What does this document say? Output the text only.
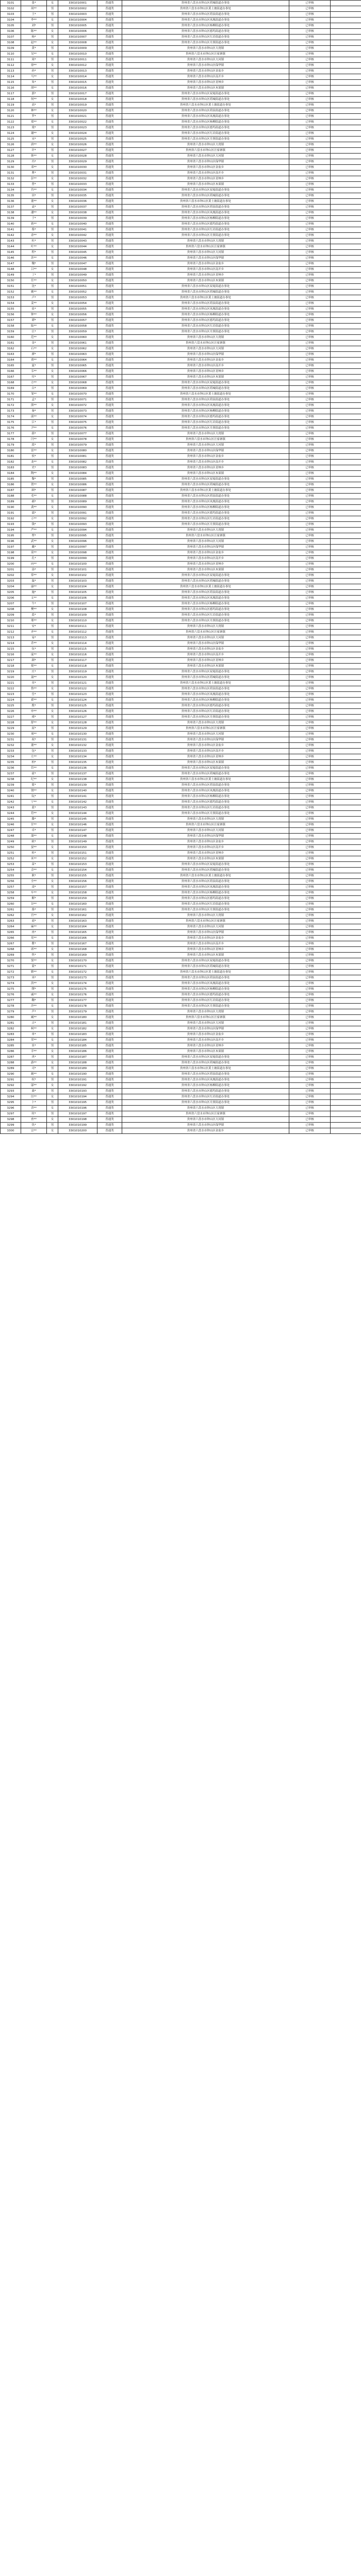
3101	张*	女	3301010001	普通类	贵州省六盘水市钟山区荷城街道办事处	已审核	
3102	周**	男	3301010002	普通类	贵州省六盘水市钟山区黄土坡街道办事处	已审核	
3103	王*	男	3301010003	普通类	贵州省六盘水市钟山区荷泉街道办事处	已审核	
3104	李**	女	3301010004	普通类	贵州省六盘水市钟山区凤凰街道办事处	已审核	
3105	刘*	男	3301010005	普通类	贵州省六盘水市钟山区杨柳街道办事处	已审核	
3106	陈**	女	3301010006	普通类	贵州省六盘水市钟山区德坞街道办事处	已审核	
3107	杨*	男	3301010007	普通类	贵州省六盘水市钟山区红岩街道办事处	已审核	
3108	赵**	女	3301010008	普通类	贵州省六盘水市钟山区月照街道办事处	已审核	
3109	黄*	男	3301010009	普通类	贵州省六盘水市钟山区大湾镇	已审核	
3110	吴**	女	3301010010	普通类	贵州省六盘水市钟山区汪家寨镇	已审核	
3111	周*	男	3301010011	普通类	贵州省六盘水市钟山区大河镇	已审核	
3112	徐**	女	3301010012	普通类	贵州省六盘水市钟山区保华镇	已审核	
3113	孙*	男	3301010013	普通类	贵州省六盘水市钟山区金盆乡	已审核	
3114	马**	女	3301010014	普通类	贵州省六盘水市钟山区南开乡	已审核	
3115	朱*	男	3301010015	普通类	贵州省六盘水市钟山区青林乡	已审核	
3116	胡**	女	3301010016	普通类	贵州省六盘水市钟山区木果镇	已审核	
3117	郭*	男	3301010017	普通类	贵州省六盘水市钟山区双戛街道办事处	已审核	
3118	何**	女	3301010018	普通类	贵州省六盘水市钟山区荷城街道办事处	已审核	
3119	高*	男	3301010019	普通类	贵州省六盘水市钟山区黄土坡街道办事处	已审核	
3120	林**	女	3301010020	普通类	贵州省六盘水市钟山区荷泉街道办事处	已审核	
3121	罗*	男	3301010021	普通类	贵州省六盘水市钟山区凤凰街道办事处	已审核	
3122	郑**	女	3301010022	普通类	贵州省六盘水市钟山区杨柳街道办事处	已审核	
3123	梁*	男	3301010023	普通类	贵州省六盘水市钟山区德坞街道办事处	已审核	
3124	谢**	女	3301010024	普通类	贵州省六盘水市钟山区红岩街道办事处	已审核	
3125	宋*	男	3301010025	普通类	贵州省六盘水市钟山区月照街道办事处	已审核	
3126	唐**	女	3301010026	普通类	贵州省六盘水市钟山区大湾镇	已审核	
3127	许*	男	3301010027	普通类	贵州省六盘水市钟山区汪家寨镇	已审核	
3128	韩**	女	3301010028	普通类	贵州省六盘水市钟山区大河镇	已审核	
3129	冯*	男	3301010029	普通类	贵州省六盘水市钟山区保华镇	已审核	
3130	邓**	女	3301010030	普通类	贵州省六盘水市钟山区金盆乡	已审核	
3131	曹*	男	3301010031	普通类	贵州省六盘水市钟山区南开乡	已审核	
3132	彭**	女	3301010032	普通类	贵州省六盘水市钟山区青林乡	已审核	
3133	曾*	男	3301010033	普通类	贵州省六盘水市钟山区木果镇	已审核	
3134	肖**	女	3301010034	普通类	贵州省六盘水市钟山区双戛街道办事处	已审核	
3135	田*	男	3301010035	普通类	贵州省六盘水市钟山区荷城街道办事处	已审核	
3136	董**	女	3301010036	普通类	贵州省六盘水市钟山区黄土坡街道办事处	已审核	
3137	袁*	男	3301010037	普通类	贵州省六盘水市钟山区荷泉街道办事处	已审核	
3138	潘**	女	3301010038	普通类	贵州省六盘水市钟山区凤凰街道办事处	已审核	
3139	于*	男	3301010039	普通类	贵州省六盘水市钟山区杨柳街道办事处	已审核	
3140	蒋**	女	3301010040	普通类	贵州省六盘水市钟山区德坞街道办事处	已审核	
3141	蔡*	男	3301010041	普通类	贵州省六盘水市钟山区红岩街道办事处	已审核	
3142	余**	女	3301010042	普通类	贵州省六盘水市钟山区月照街道办事处	已审核	
3143	杜*	男	3301010043	普通类	贵州省六盘水市钟山区大湾镇	已审核	
3144	叶**	女	3301010044	普通类	贵州省六盘水市钟山区汪家寨镇	已审核	
3145	程*	男	3301010045	普通类	贵州省六盘水市钟山区大河镇	已审核	
3146	苏**	女	3301010046	普通类	贵州省六盘水市钟山区保华镇	已审核	
3147	魏*	男	3301010047	普通类	贵州省六盘水市钟山区金盆乡	已审核	
3148	吕**	女	3301010048	普通类	贵州省六盘水市钟山区南开乡	已审核	
3149	丁*	男	3301010049	普通类	贵州省六盘水市钟山区青林乡	已审核	
3150	任**	女	3301010050	普通类	贵州省六盘水市钟山区木果镇	已审核	
3151	沈*	男	3301010051	普通类	贵州省六盘水市钟山区双戛街道办事处	已审核	
3152	姚**	女	3301010052	普通类	贵州省六盘水市钟山区荷城街道办事处	已审核	
3153	卢*	男	3301010053	普通类	贵州省六盘水市钟山区黄土坡街道办事处	已审核	
3154	姜**	女	3301010054	普通类	贵州省六盘水市钟山区荷泉街道办事处	已审核	
3155	崔*	男	3301010055	普通类	贵州省六盘水市钟山区凤凰街道办事处	已审核	
3156	钟**	女	3301010056	普通类	贵州省六盘水市钟山区杨柳街道办事处	已审核	
3157	谭*	男	3301010057	普通类	贵州省六盘水市钟山区德坞街道办事处	已审核	
3158	陆**	女	3301010058	普通类	贵州省六盘水市钟山区红岩街道办事处	已审核	
3159	汪*	男	3301010059	普通类	贵州省六盘水市钟山区月照街道办事处	已审核	
3160	范**	女	3301010060	普通类	贵州省六盘水市钟山区大湾镇	已审核	
3161	金*	男	3301010061	普通类	贵州省六盘水市钟山区汪家寨镇	已审核	
3162	石**	女	3301010062	普通类	贵州省六盘水市钟山区大河镇	已审核	
3163	廖*	男	3301010063	普通类	贵州省六盘水市钟山区保华镇	已审核	
3164	贾**	女	3301010064	普通类	贵州省六盘水市钟山区金盆乡	已审核	
3165	夏*	男	3301010065	普通类	贵州省六盘水市钟山区南开乡	已审核	
3166	韦**	女	3301010066	普通类	贵州省六盘水市钟山区青林乡	已审核	
3167	付*	男	3301010067	普通类	贵州省六盘水市钟山区木果镇	已审核	
3168	方**	女	3301010068	普通类	贵州省六盘水市钟山区双戛街道办事处	已审核	
3169	白*	男	3301010069	普通类	贵州省六盘水市钟山区荷城街道办事处	已审核	
3170	邹**	女	3301010070	普通类	贵州省六盘水市钟山区黄土坡街道办事处	已审核	
3171	孟*	男	3301010071	普通类	贵州省六盘水市钟山区荷泉街道办事处	已审核	
3172	熊**	女	3301010072	普通类	贵州省六盘水市钟山区凤凰街道办事处	已审核	
3173	秦*	男	3301010073	普通类	贵州省六盘水市钟山区杨柳街道办事处	已审核	
3174	邱**	女	3301010074	普通类	贵州省六盘水市钟山区德坞街道办事处	已审核	
3175	江*	男	3301010075	普通类	贵州省六盘水市钟山区红岩街道办事处	已审核	
3176	尹**	女	3301010076	普通类	贵州省六盘水市钟山区月照街道办事处	已审核	
3177	薛*	男	3301010077	普通类	贵州省六盘水市钟山区大湾镇	已审核	
3178	闫**	女	3301010078	普通类	贵州省六盘水市钟山区汪家寨镇	已审核	
3179	段*	男	3301010079	普通类	贵州省六盘水市钟山区大河镇	已审核	
3180	雷**	女	3301010080	普通类	贵州省六盘水市钟山区保华镇	已审核	
3181	侯*	男	3301010081	普通类	贵州省六盘水市钟山区金盆乡	已审核	
3182	龙**	女	3301010082	普通类	贵州省六盘水市钟山区南开乡	已审核	
3183	史*	男	3301010083	普通类	贵州省六盘水市钟山区青林乡	已审核	
3184	陶**	女	3301010084	普通类	贵州省六盘水市钟山区木果镇	已审核	
3185	黎*	男	3301010085	普通类	贵州省六盘水市钟山区双戛街道办事处	已审核	
3186	贺**	女	3301010086	普通类	贵州省六盘水市钟山区荷城街道办事处	已审核	
3187	顾*	男	3301010087	普通类	贵州省六盘水市钟山区黄土坡街道办事处	已审核	
3188	毛**	女	3301010088	普通类	贵州省六盘水市钟山区荷泉街道办事处	已审核	
3189	郝*	男	3301010089	普通类	贵州省六盘水市钟山区凤凰街道办事处	已审核	
3190	龚**	女	3301010090	普通类	贵州省六盘水市钟山区杨柳街道办事处	已审核	
3191	邵*	男	3301010091	普通类	贵州省六盘水市钟山区德坞街道办事处	已审核	
3192	万**	女	3301010092	普通类	贵州省六盘水市钟山区红岩街道办事处	已审核	
3193	钱*	男	3301010093	普通类	贵州省六盘水市钟山区月照街道办事处	已审核	
3194	严**	女	3301010094	普通类	贵州省六盘水市钟山区大湾镇	已审核	
3195	覃*	男	3301010095	普通类	贵州省六盘水市钟山区汪家寨镇	已审核	
3196	武**	女	3301010096	普通类	贵州省六盘水市钟山区大河镇	已审核	
3197	戴*	男	3301010097	普通类	贵州省六盘水市钟山区保华镇	已审核	
3198	莫**	女	3301010098	普通类	贵州省六盘水市钟山区金盆乡	已审核	
3199	孔*	男	3301010099	普通类	贵州省六盘水市钟山区南开乡	已审核	
3200	向**	女	3301010100	普通类	贵州省六盘水市钟山区青林乡	已审核	
3201	汤*	男	3301010101	普通类	贵州省六盘水市钟山区木果镇	已审核	
3202	常**	女	3301010102	普通类	贵州省六盘水市钟山区双戛街道办事处	已审核	
3203	温*	男	3301010103	普通类	贵州省六盘水市钟山区荷城街道办事处	已审核	
3204	康**	女	3301010104	普通类	贵州省六盘水市钟山区黄土坡街道办事处	已审核	
3205	施*	男	3301010105	普通类	贵州省六盘水市钟山区荷泉街道办事处	已审核	
3206	文**	女	3301010106	普通类	贵州省六盘水市钟山区凤凰街道办事处	已审核	
3207	牛*	男	3301010107	普通类	贵州省六盘水市钟山区杨柳街道办事处	已审核	
3208	樊**	女	3301010108	普通类	贵州省六盘水市钟山区德坞街道办事处	已审核	
3209	葛*	男	3301010109	普通类	贵州省六盘水市钟山区红岩街道办事处	已审核	
3210	邢**	女	3301010110	普通类	贵州省六盘水市钟山区月照街道办事处	已审核	
3211	安*	男	3301010111	普通类	贵州省六盘水市钟山区大湾镇	已审核	
3212	齐**	女	3301010112	普通类	贵州省六盘水市钟山区汪家寨镇	已审核	
3213	易*	男	3301010113	普通类	贵州省六盘水市钟山区大河镇	已审核	
3214	乔**	女	3301010114	普通类	贵州省六盘水市钟山区保华镇	已审核	
3215	伍*	男	3301010115	普通类	贵州省六盘水市钟山区金盆乡	已审核	
3216	庞**	女	3301010116	普通类	贵州省六盘水市钟山区南开乡	已审核	
3217	颜*	男	3301010117	普通类	贵州省六盘水市钟山区青林乡	已审核	
3218	倪**	女	3301010118	普通类	贵州省六盘水市钟山区木果镇	已审核	
3219	庄*	男	3301010119	普通类	贵州省六盘水市钟山区双戛街道办事处	已审核	
3220	聂**	女	3301010120	普通类	贵州省六盘水市钟山区荷城街道办事处	已审核	
3221	章*	男	3301010121	普通类	贵州省六盘水市钟山区黄土坡街道办事处	已审核	
3222	鲁**	女	3301010122	普通类	贵州省六盘水市钟山区荷泉街道办事处	已审核	
3223	岳*	男	3301010123	普通类	贵州省六盘水市钟山区凤凰街道办事处	已审核	
3224	翟**	女	3301010124	普通类	贵州省六盘水市钟山区杨柳街道办事处	已审核	
3225	殷*	男	3301010125	普通类	贵州省六盘水市钟山区德坞街道办事处	已审核	
3226	申**	女	3301010126	普通类	贵州省六盘水市钟山区红岩街道办事处	已审核	
3227	褚*	男	3301010127	普通类	贵州省六盘水市钟山区月照街道办事处	已审核	
3228	舒**	女	3301010128	普通类	贵州省六盘水市钟山区大湾镇	已审核	
3229	屈*	男	3301010129	普通类	贵州省六盘水市钟山区汪家寨镇	已审核	
3230	项**	女	3301010130	普通类	贵州省六盘水市钟山区大河镇	已审核	
3231	祝*	男	3301010131	普通类	贵州省六盘水市钟山区保华镇	已审核	
3232	董**	女	3301010132	普通类	贵州省六盘水市钟山区金盆乡	已审核	
3233	包*	男	3301010133	普通类	贵州省六盘水市钟山区南开乡	已审核	
3234	左**	女	3301010134	普通类	贵州省六盘水市钟山区青林乡	已审核	
3235	柏*	男	3301010135	普通类	贵州省六盘水市钟山区木果镇	已审核	
3236	管**	女	3301010136	普通类	贵州省六盘水市钟山区双戛街道办事处	已审核	
3237	霍*	男	3301010137	普通类	贵州省六盘水市钟山区荷城街道办事处	已审核	
3238	纪**	女	3301010138	普通类	贵州省六盘水市钟山区黄土坡街道办事处	已审核	
3239	简*	男	3301010139	普通类	贵州省六盘水市钟山区荷泉街道办事处	已审核	
3240	饶**	女	3301010140	普通类	贵州省六盘水市钟山区凤凰街道办事处	已审核	
3241	阮*	男	3301010141	普通类	贵州省六盘水市钟山区杨柳街道办事处	已审核	
3242	宁**	女	3301010142	普通类	贵州省六盘水市钟山区德坞街道办事处	已审核	
3243	蓝*	男	3301010143	普通类	贵州省六盘水市钟山区红岩街道办事处	已审核	
3244	符**	女	3301010144	普通类	贵州省六盘水市钟山区月照街道办事处	已审核	
3245	滕*	男	3301010145	普通类	贵州省六盘水市钟山区大湾镇	已审核	
3246	甘**	女	3301010146	普通类	贵州省六盘水市钟山区汪家寨镇	已审核	
3247	卓*	男	3301010147	普通类	贵州省六盘水市钟山区大河镇	已审核	
3248	蒲**	女	3301010148	普通类	贵州省六盘水市钟山区保华镇	已审核	
3249	欧*	男	3301010149	普通类	贵州省六盘水市钟山区金盆乡	已审核	
3250	晏**	女	3301010150	普通类	贵州省六盘水市钟山区南开乡	已审核	
3251	桂*	男	3301010151	普通类	贵州省六盘水市钟山区青林乡	已审核	
3252	米**	女	3301010152	普通类	贵州省六盘水市钟山区木果镇	已审核	
3253	苗*	男	3301010153	普通类	贵州省六盘水市钟山区双戛街道办事处	已审核	
3254	佘**	女	3301010154	普通类	贵州省六盘水市钟山区荷城街道办事处	已审核	
3255	耿*	男	3301010155	普通类	贵州省六盘水市钟山区黄土坡街道办事处	已审核	
3256	全**	女	3301010156	普通类	贵州省六盘水市钟山区荷泉街道办事处	已审核	
3257	凌*	男	3301010157	普通类	贵州省六盘水市钟山区凤凰街道办事处	已审核	
3258	车**	女	3301010158	普通类	贵州省六盘水市钟山区杨柳街道办事处	已审核	
3259	解*	男	3301010159	普通类	贵州省六盘水市钟山区德坞街道办事处	已审核	
3260	谷**	女	3301010160	普通类	贵州省六盘水市钟山区红岩街道办事处	已审核	
3261	骆*	男	3301010161	普通类	贵州省六盘水市钟山区月照街道办事处	已审核	
3262	宫**	女	3301010162	普通类	贵州省六盘水市钟山区大湾镇	已审核	
3263	商*	男	3301010163	普通类	贵州省六盘水市钟山区汪家寨镇	已审核	
3264	麻**	女	3301010164	普通类	贵州省六盘水市钟山区大河镇	已审核	
3265	冉*	男	3301010165	普通类	贵州省六盘水市钟山区保华镇	已审核	
3266	党**	女	3301010166	普通类	贵州省六盘水市钟山区金盆乡	已审核	
3267	瞿*	男	3301010167	普通类	贵州省六盘水市钟山区南开乡	已审核	
3268	席**	女	3301010168	普通类	贵州省六盘水市钟山区青林乡	已审核	
3269	焦*	男	3301010169	普通类	贵州省六盘水市钟山区木果镇	已审核	
3270	窦**	女	3301010170	普通类	贵州省六盘水市钟山区双戛街道办事处	已审核	
3271	蒙*	男	3301010171	普通类	贵州省六盘水市钟山区荷城街道办事处	已审核	
3272	靳**	女	3301010172	普通类	贵州省六盘水市钟山区黄土坡街道办事处	已审核	
3273	巫*	男	3301010173	普通类	贵州省六盘水市钟山区荷泉街道办事处	已审核	
3274	洪**	女	3301010174	普通类	贵州省六盘水市钟山区凤凰街道办事处	已审核	
3275	缪*	男	3301010175	普通类	贵州省六盘水市钟山区杨柳街道办事处	已审核	
3276	戚**	女	3301010176	普通类	贵州省六盘水市钟山区德坞街道办事处	已审核	
3277	鞠*	男	3301010177	普通类	贵州省六盘水市钟山区红岩街道办事处	已审核	
3278	沙**	女	3301010178	普通类	贵州省六盘水市钟山区月照街道办事处	已审核	
3279	芦*	男	3301010179	普通类	贵州省六盘水市钟山区大湾镇	已审核	
3280	臧**	女	3301010180	普通类	贵州省六盘水市钟山区汪家寨镇	已审核	
3281	吉*	男	3301010181	普通类	贵州省六盘水市钟山区大河镇	已审核	
3282	柯**	女	3301010182	普通类	贵州省六盘水市钟山区保华镇	已审核	
3283	单*	男	3301010183	普通类	贵州省六盘水市钟山区金盆乡	已审核	
3284	荣**	女	3301010184	普通类	贵州省六盘水市钟山区南开乡	已审核	
3285	景*	男	3301010185	普通类	贵州省六盘水市钟山区青林乡	已审核	
3286	幸**	女	3301010186	普通类	贵州省六盘水市钟山区木果镇	已审核	
3287	巩*	男	3301010187	普通类	贵州省六盘水市钟山区双戛街道办事处	已审核	
3288	游**	女	3301010188	普通类	贵州省六盘水市钟山区荷城街道办事处	已审核	
3289	司*	男	3301010189	普通类	贵州省六盘水市钟山区黄土坡街道办事处	已审核	
3290	蔺**	女	3301010190	普通类	贵州省六盘水市钟山区荷泉街道办事处	已审核	
3291	权*	男	3301010191	普通类	贵州省六盘水市钟山区凤凰街道办事处	已审核	
3292	邬**	女	3301010192	普通类	贵州省六盘水市钟山区杨柳街道办事处	已审核	
3293	桑*	男	3301010193	普通类	贵州省六盘水市钟山区德坞街道办事处	已审核	
3294	厉**	女	3301010194	普通类	贵州省六盘水市钟山区红岩街道办事处	已审核	
3295	卜*	男	3301010195	普通类	贵州省六盘水市钟山区月照街道办事处	已审核	
3296	晋**	女	3301010196	普通类	贵州省六盘水市钟山区大湾镇	已审核	
3297	时*	男	3301010197	普通类	贵州省六盘水市钟山区汪家寨镇	已审核	
3298	查**	女	3301010198	普通类	贵州省六盘水市钟山区大河镇	已审核	
3299	仇*	男	3301010199	普通类	贵州省六盘水市钟山区保华镇	已审核	
3300	宗**	女	3301010200	普通类	贵州省六盘水市钟山区金盆乡	已审核	
